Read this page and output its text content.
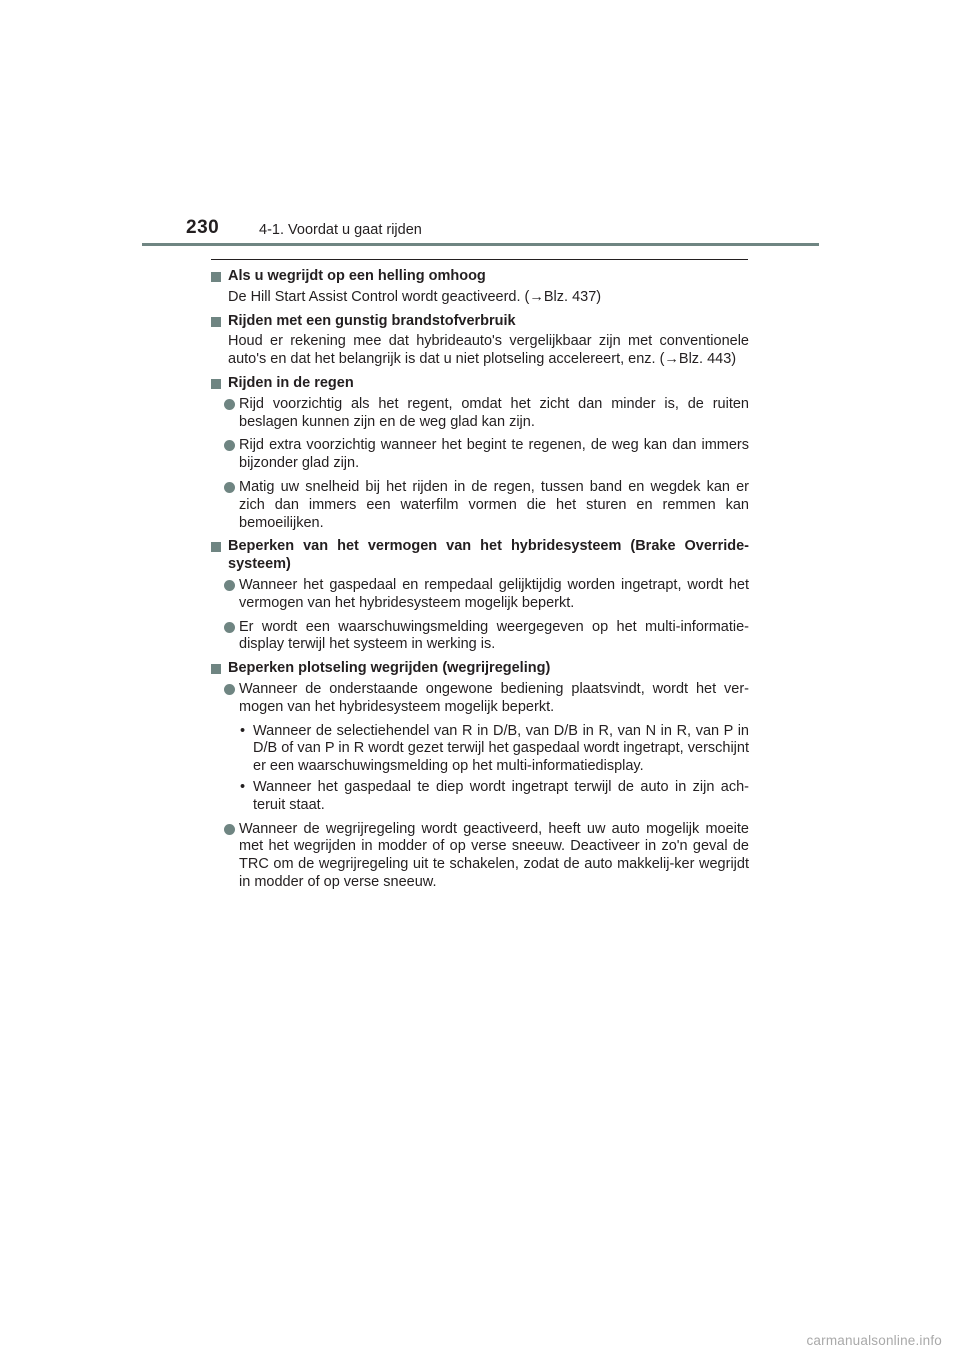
230	4-1. Voordat u gaat rijden
Als u wegrijdt op een helling omhoog
De Hill Start Assist Control wordt geactiveerd. (→Blz. 437)
Rijden met een gunstig brandstofverbruik
Houd er rekening mee dat hybrideauto's vergelijkbaar zijn met conventionele auto's en dat het belangrijk is dat u niet plotseling accelereert, enz. (→Blz. 443)
Rijden in de regen
Rijd voorzichtig als het regent, omdat het zicht dan minder is, de ruiten beslagen kunnen zijn en de weg glad kan zijn.
Rijd extra voorzichtig wanneer het begint te regenen, de weg kan dan immers bijzonder glad zijn.
Matig uw snelheid bij het rijden in de regen, tussen band en wegdek kan er zich dan immers een waterfilm vormen die het sturen en remmen kan bemoeilijken.
Beperken van het vermogen van het hybridesysteem (Brake Override-systeem)
Wanneer het gaspedaal en rempedaal gelijktijdig worden ingetrapt, wordt het vermogen van het hybridesysteem mogelijk beperkt.
Er wordt een waarschuwingsmelding weergegeven op het multi-informatie-display terwijl het systeem in werking is.
Beperken plotseling wegrijden (wegrijregeling)
Wanneer de onderstaande ongewone bediening plaatsvindt, wordt het ver-mogen van het hybridesysteem mogelijk beperkt.
• Wanneer de selectiehendel van R in D/B, van D/B in R, van N in R, van P in D/B of van P in R wordt gezet terwijl het gaspedaal wordt ingetrapt, verschijnt er een waarschuwingsmelding op het multi-informatiedisplay.
• Wanneer het gaspedaal te diep wordt ingetrapt terwijl de auto in zijn ach-teruit staat.
Wanneer de wegrijregeling wordt geactiveerd, heeft uw auto mogelijk moeite met het wegrijden in modder of op verse sneeuw. Deactiveer in zo'n geval de TRC om de wegrijregeling uit te schakelen, zodat de auto makkelij-ker wegrijdt in modder of op verse sneeuw.
carmanualsonline.info
